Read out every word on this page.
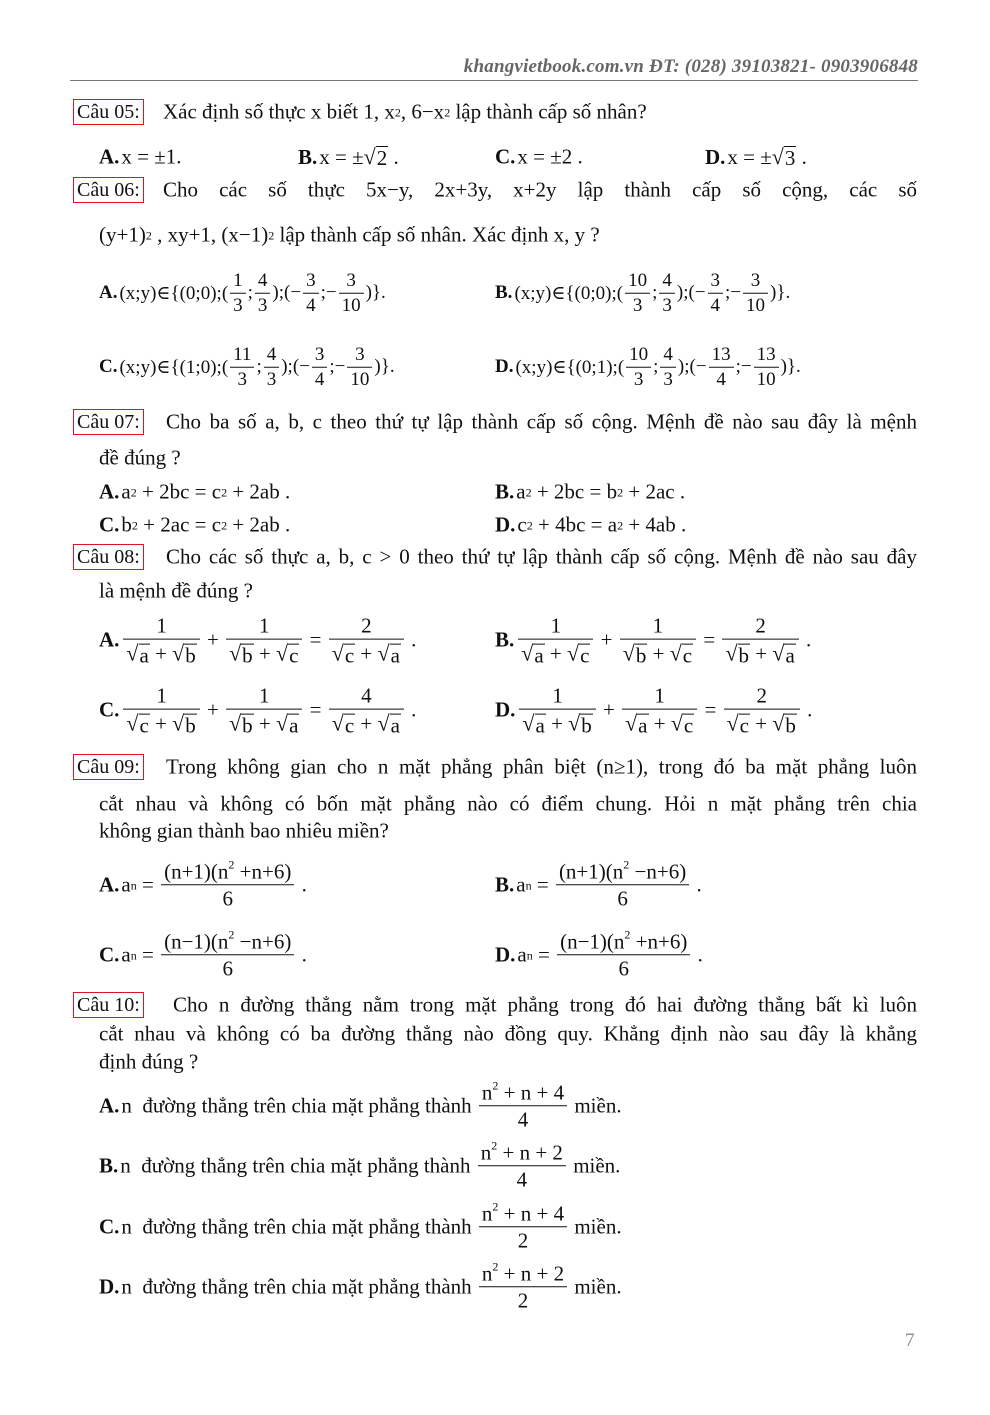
khangvietbook.com.vn ĐT: (028) 39103821- 0903906848
Câu 05: Xác định số thực x biết 1, x 2 , 6−x 2 lập thành cấp số nhân?
A. x = ±1.	B. x = ± √ 2 .	C. x = ±2 .	D. x = ± √ 3 .
Câu 06: Cho các số thực 5x−y, 2x+3y, x+2y lập thành cấp số cộng, các số
(y+1) 2 , xy+1, (x−1) 2 lập thành cấp số nhân. Xác định x, y ?
A. (x;y)∈{(0;0);( $\frac{1}{3}$ ; $\frac{4}{3}$ );(− $\frac{3}{4}$ ;− $\frac{3}{10}$ )}.	B. (x;y)∈{(0;0);( $\frac{10}{3}$ ; $\frac{4}{3}$ );(− $\frac{3}{4}$ ;− $\frac{3}{10}$ )}.
C. (x;y)∈{(1;0);( $\frac{11}{3}$ ; $\frac{4}{3}$ );(− $\frac{3}{4}$ ;− $\frac{3}{10}$ )}.	D. (x;y)∈{(0;1);( $\frac{10}{3}$ ; $\frac{4}{3}$ );(− $\frac{13}{4}$ ;− $\frac{13}{10}$ )}.
Câu 07: Cho ba số a, b, c theo thứ tự lập thành cấp số cộng. Mệnh đề nào sau đây là mệnh
đề đúng ?
A. a 2 + 2bc = c 2 + 2ab .	B. a 2 + 2bc = b 2 + 2ac .
C. b 2 + 2ac = c 2 + 2ab .	D. c 2 + 4bc = a 2 + 4ab .
Câu 08: Cho các số thực a, b, c > 0 theo thứ tự lập thành cấp số cộng. Mệnh đề nào sau đây
là mệnh đề đúng ?
A. $\frac{1}{√ a + √ b} + \frac{1}{√ b + √ c} = \frac{2}{√ c + √ a}$ .	B. $\frac{1}{√ a + √ c} + \frac{1}{√ b + √ c} = \frac{2}{√ b + √ a}$ .
C. $\frac{1}{√ c + √ b} + \frac{1}{√ b + √ a} = \frac{4}{√ c + √ a}$ .	D. $\frac{1}{√ a + √ b} + \frac{1}{√ a + √ c} = \frac{2}{√ c + √ b}$ .
Câu 09: Trong không gian cho n mặt phẳng phân biệt (n≥1), trong đó ba mặt phẳng luôn
cắt nhau và không có bốn mặt phẳng nào có điểm chung. Hỏi n mặt phẳng trên chia
không gian thành bao nhiêu miền?
A. a $n = \frac{(n+1)(n^2 +n+6)}{6}$ .	B. a $n = \frac{(n+1)(n^2 -n+6)}{6}$ .
C. a $n = \frac{(n-1)(n^2 -n+6)}{6}$ .	D. a $n = \frac{(n-1)(n^2 +n+6)}{6}$ .
Câu 10: Cho n đường thẳng nằm trong mặt phẳng trong đó hai đường thẳng bất kì luôn
cắt nhau và không có ba đường thẳng nào đồng quy. Khẳng định nào sau đây là khẳng
định đúng ?
A. n  đường thẳng trên chia mặt phẳng thành $\frac{n^2 + n + 4}{4}$ miền.
B. n  đường thẳng trên chia mặt phẳng thành $\frac{n^2 + n + 2}{4}$ miền.
C. n  đường thẳng trên chia mặt phẳng thành $\frac{n^2 + n + 4}{2}$ miền.
D. n  đường thẳng trên chia mặt phẳng thành $\frac{n^2 + n + 2}{2}$ miền.
7
